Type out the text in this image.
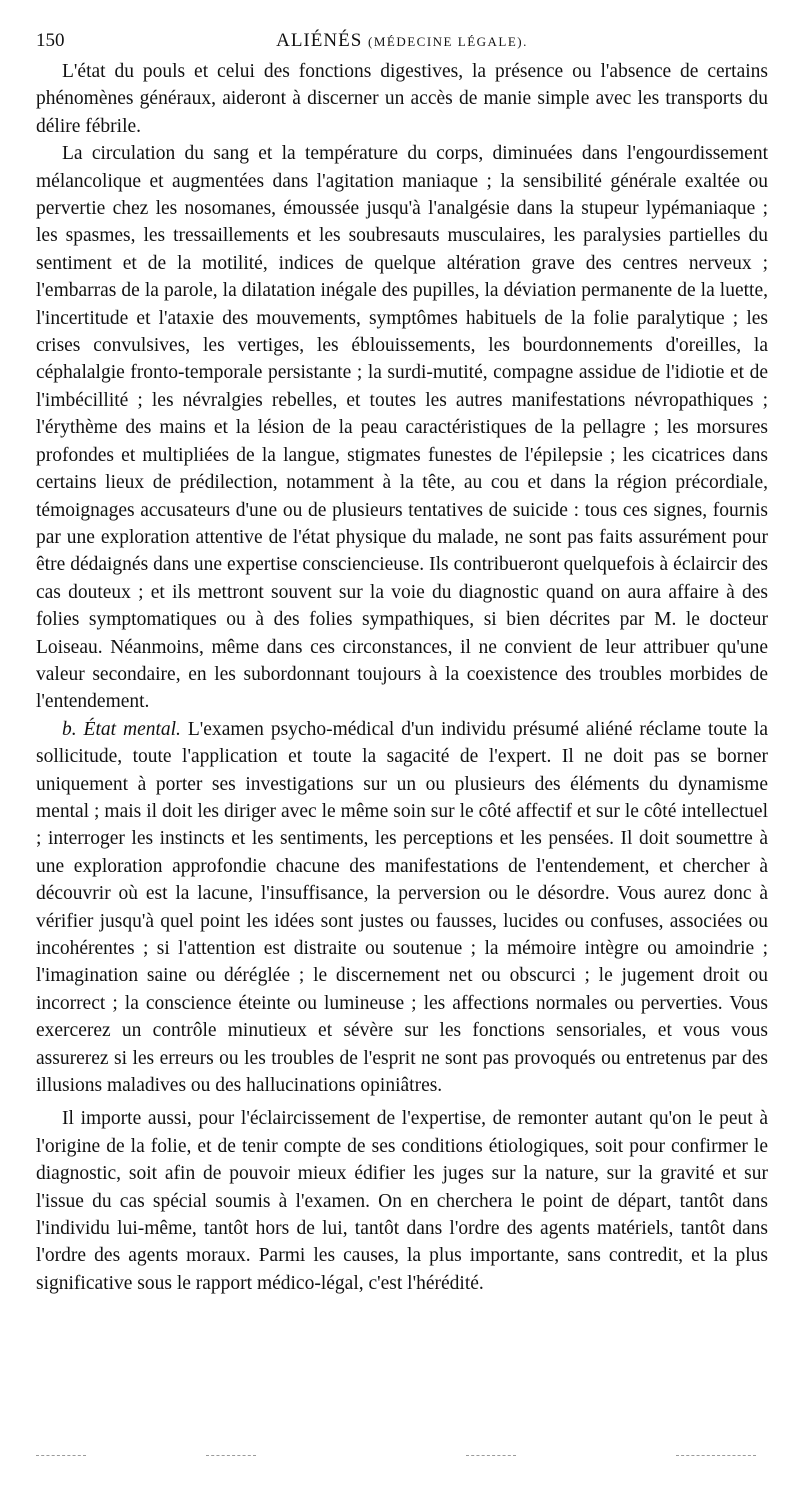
150	ALIÉNÉS (MÉDECINE LÉGALE).

L'état du pouls et celui des fonctions digestives, la présence ou l'absence de certains phénomènes généraux, aideront à discerner un accès de manie simple avec les transports du délire fébrile.

La circulation du sang et la température du corps, diminuées dans l'engourdissement mélancolique et augmentées dans l'agitation maniaque ; la sensibilité générale exaltée ou pervertie chez les nosomanes, émoussée jusqu'à l'analgésie dans la stupeur lypémaniaque ; les spasmes, les tressaillements et les soubresauts musculaires, les paralysies partielles du sentiment et de la motilité, indices de quelque altération grave des centres nerveux ; l'embarras de la parole, la dilatation inégale des pupilles, la déviation permanente de la luette, l'incertitude et l'ataxie des mouvements, symptômes habituels de la folie paralytique ; les crises convulsives, les vertiges, les éblouissements, les bourdonnements d'oreilles, la céphalalgie fronto-temporale persistante ; la surdi-mutité, compagne assidue de l'idiotie et de l'imbécillité ; les névralgies rebelles, et toutes les autres manifestations névropathiques ; l'érythème des mains et la lésion de la peau caractéristiques de la pellagre ; les morsures profondes et multipliées de la langue, stigmates funestes de l'épilepsie ; les cicatrices dans certains lieux de prédilection, notamment à la tête, au cou et dans la région précordiale, témoignages accusateurs d'une ou de plusieurs tentatives de suicide : tous ces signes, fournis par une exploration attentive de l'état physique du malade, ne sont pas faits assurément pour être dédaignés dans une expertise consciencieuse. Ils contribueront quelquefois à éclaircir des cas douteux ; et ils mettront souvent sur la voie du diagnostic quand on aura affaire à des folies symptomatiques ou à des folies sympathiques, si bien décrites par M. le docteur Loiseau. Néanmoins, même dans ces circonstances, il ne convient de leur attribuer qu'une valeur secondaire, en les subordonnant toujours à la coexistence des troubles morbides de l'entendement.

b. État mental. L'examen psycho-médical d'un individu présumé aliéné réclame toute la sollicitude, toute l'application et toute la sagacité de l'expert. Il ne doit pas se borner uniquement à porter ses investigations sur un ou plusieurs des éléments du dynamisme mental ; mais il doit les diriger avec le même soin sur le côté affectif et sur le côté intellectuel ; interroger les instincts et les sentiments, les perceptions et les pensées. Il doit soumettre à une exploration approfondie chacune des manifestations de l'entendement, et chercher à découvrir où est la lacune, l'insuffisance, la perversion ou le désordre. Vous aurez donc à vérifier jusqu'à quel point les idées sont justes ou fausses, lucides ou confuses, associées ou incohérentes ; si l'attention est distraite ou soutenue ; la mémoire intègre ou amoindrie ; l'imagination saine ou déréglée ; le discernement net ou obscurci ; le jugement droit ou incorrect ; la conscience éteinte ou lumineuse ; les affections normales ou perverties. Vous exercerez un contrôle minutieux et sévère sur les fonctions sensoriales, et vous vous assurerez si les erreurs ou les troubles de l'esprit ne sont pas provoqués ou entretenus par des illusions maladives ou des hallucinations opiniâtres.

Il importe aussi, pour l'éclaircissement de l'expertise, de remonter autant qu'on le peut à l'origine de la folie, et de tenir compte de ses conditions étiologiques, soit pour confirmer le diagnostic, soit afin de pouvoir mieux édifier les juges sur la nature, sur la gravité et sur l'issue du cas spécial soumis à l'examen. On en cherchera le point de départ, tantôt dans l'individu lui-même, tantôt hors de lui, tantôt dans l'ordre des agents matériels, tantôt dans l'ordre des agents moraux. Parmi les causes, la plus importante, sans contredit, et la plus significative sous le rapport médico-légal, c'est l'hérédité.
